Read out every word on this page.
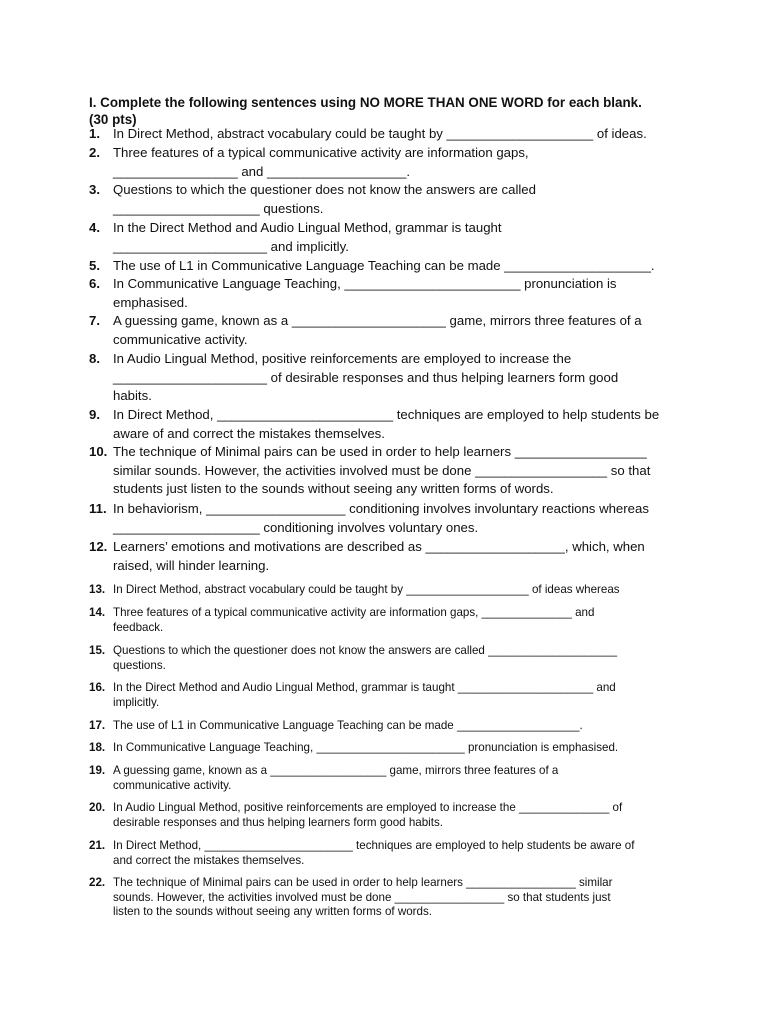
I. Complete the following sentences using NO MORE THAN ONE WORD for each blank.
(30 pts)
1. In Direct Method, abstract vocabulary could be taught by ____________________ of ideas.
2. Three features of a typical communicative activity are information gaps,
_________________ and ___________________.
3. Questions to which the questioner does not know the answers are called
____________________ questions.
4. In the Direct Method and Audio Lingual Method, grammar is taught
_____________________ and implicitly.
5. The use of L1 in Communicative Language Teaching can be made ____________________.
6. In Communicative Language Teaching, ________________________ pronunciation is
emphasised.
7. A guessing game, known as a _____________________ game, mirrors three features of a
communicative activity.
8. In Audio Lingual Method, positive reinforcements are employed to increase the
_____________________ of desirable responses and thus helping learners form good
habits.
9. In Direct Method, ________________________ techniques are employed to help students be
aware of and correct the mistakes themselves.
10. The technique of Minimal pairs can be used in order to help learners __________________
similar sounds. However, the activities involved must be done __________________ so that
students just listen to the sounds without seeing any written forms of words.
11. In behaviorism, ___________________ conditioning involves involuntary reactions whereas
____________________ conditioning involves voluntary ones.
12. Learners’ emotions and motivations are described as ___________________, which, when
raised, will hinder learning.
13. In Direct Method, abstract vocabulary could be taught by ___________________ of ideas whereas
14. Three features of a typical communicative activity are information gaps, ______________ and
feedback.
15. Questions to which the questioner does not know the answers are called ____________________
questions.
16. In the Direct Method and Audio Lingual Method, grammar is taught _____________________ and
implicitly.
17. The use of L1 in Communicative Language Teaching can be made ___________________.
18. In Communicative Language Teaching, _______________________ pronunciation is emphasised.
19. A guessing game, known as a __________________ game, mirrors three features of a
communicative activity.
20. In Audio Lingual Method, positive reinforcements are employed to increase the ______________ of
desirable responses and thus helping learners form good habits.
21. In Direct Method, _______________________ techniques are employed to help students be aware of
and correct the mistakes themselves.
22. The technique of Minimal pairs can be used in order to help learners _________________ similar
sounds. However, the activities involved must be done _________________ so that students just
listen to the sounds without seeing any written forms of words.
